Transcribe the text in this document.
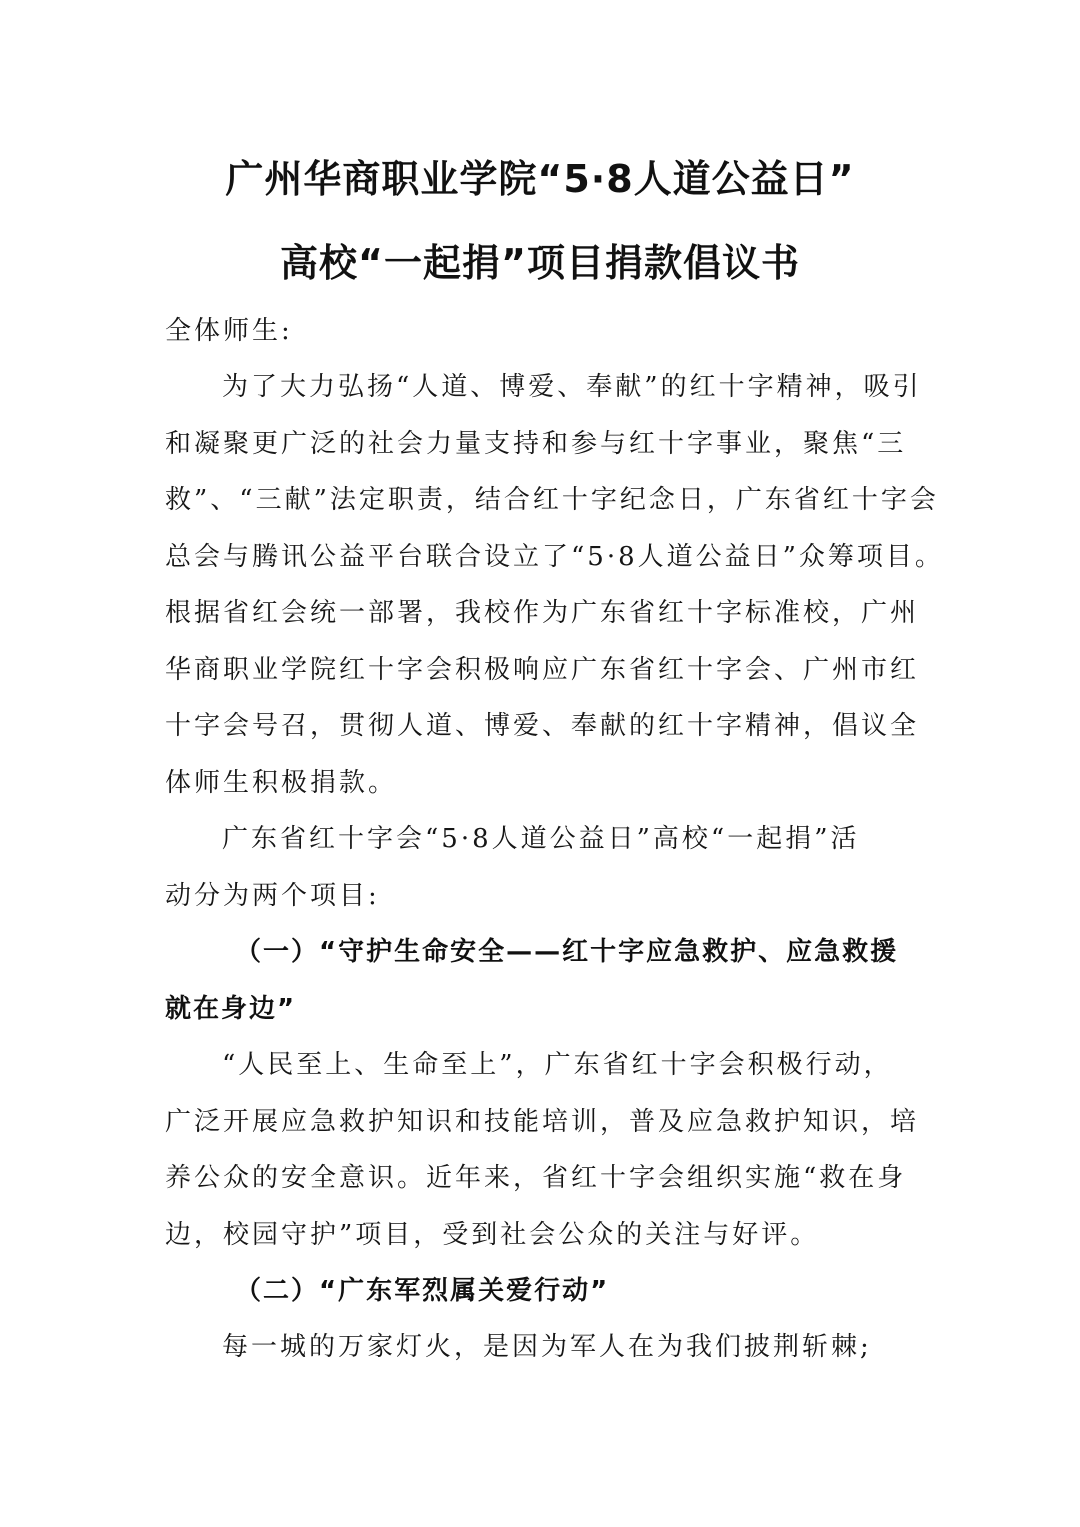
广州华商职业学院“5·8人道公益日”
高校“一起捐”项目捐款倡议书
全体师生:
为了大力弘扬“人道、博爱、奉献”的红十字精神，吸引
和凝聚更广泛的社会力量支持和参与红十字事业，聚焦“三
救”、“三献”法定职责，结合红十字纪念日，广东省红十字会
总会与腾讯公益平台联合设立了“5·8人道公益日”众筹项目。
根据省红会统一部署，我校作为广东省红十字标准校，广州
华商职业学院红十字会积极响应广东省红十字会、广州市红
十字会号召，贯彻人道、博爱、奉献的红十字精神，倡议全
体师生积极捐款。
广东省红十字会“5·8人道公益日”高校“一起捐”活
动分为两个项目:
（一）“守护生命安全——红十字应急救护、应急救援
就在身边”
“人民至上、生命至上”，广东省红十字会积极行动，
广泛开展应急救护知识和技能培训，普及应急救护知识，培
养公众的安全意识。近年来，省红十字会组织实施“救在身
边，校园守护”项目，受到社会公众的关注与好评。
（二）“广东军烈属关爱行动”
每一城的万家灯火，是因为军人在为我们披荆斩棘;
